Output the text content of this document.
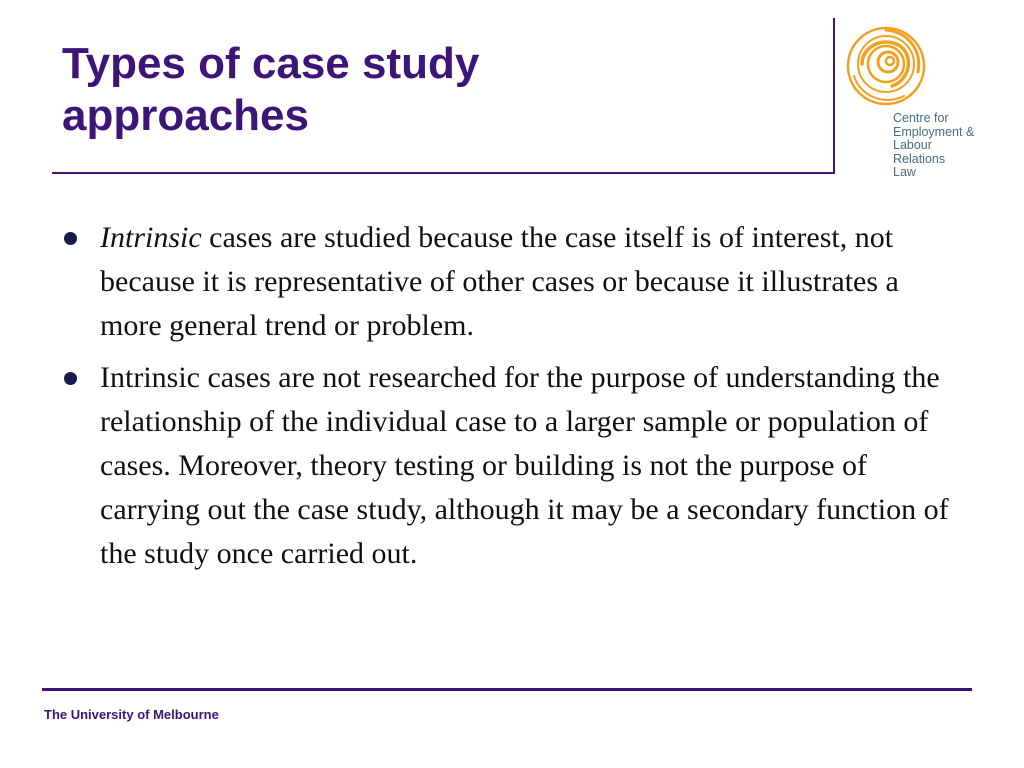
Types of case study
approaches	Centre for
Employment &
Labour
Relations
Law
Intrinsic cases are studied because the case itself is of interest, not because it is representative of other cases or because it illustrates a more general trend or problem.
Intrinsic cases are not researched for the purpose of understanding the relationship of the individual case to a larger sample or population of cases. Moreover, theory testing or building is not the purpose of carrying out the case study, although it may be a secondary function of the study once carried out.
The University of Melbourne
